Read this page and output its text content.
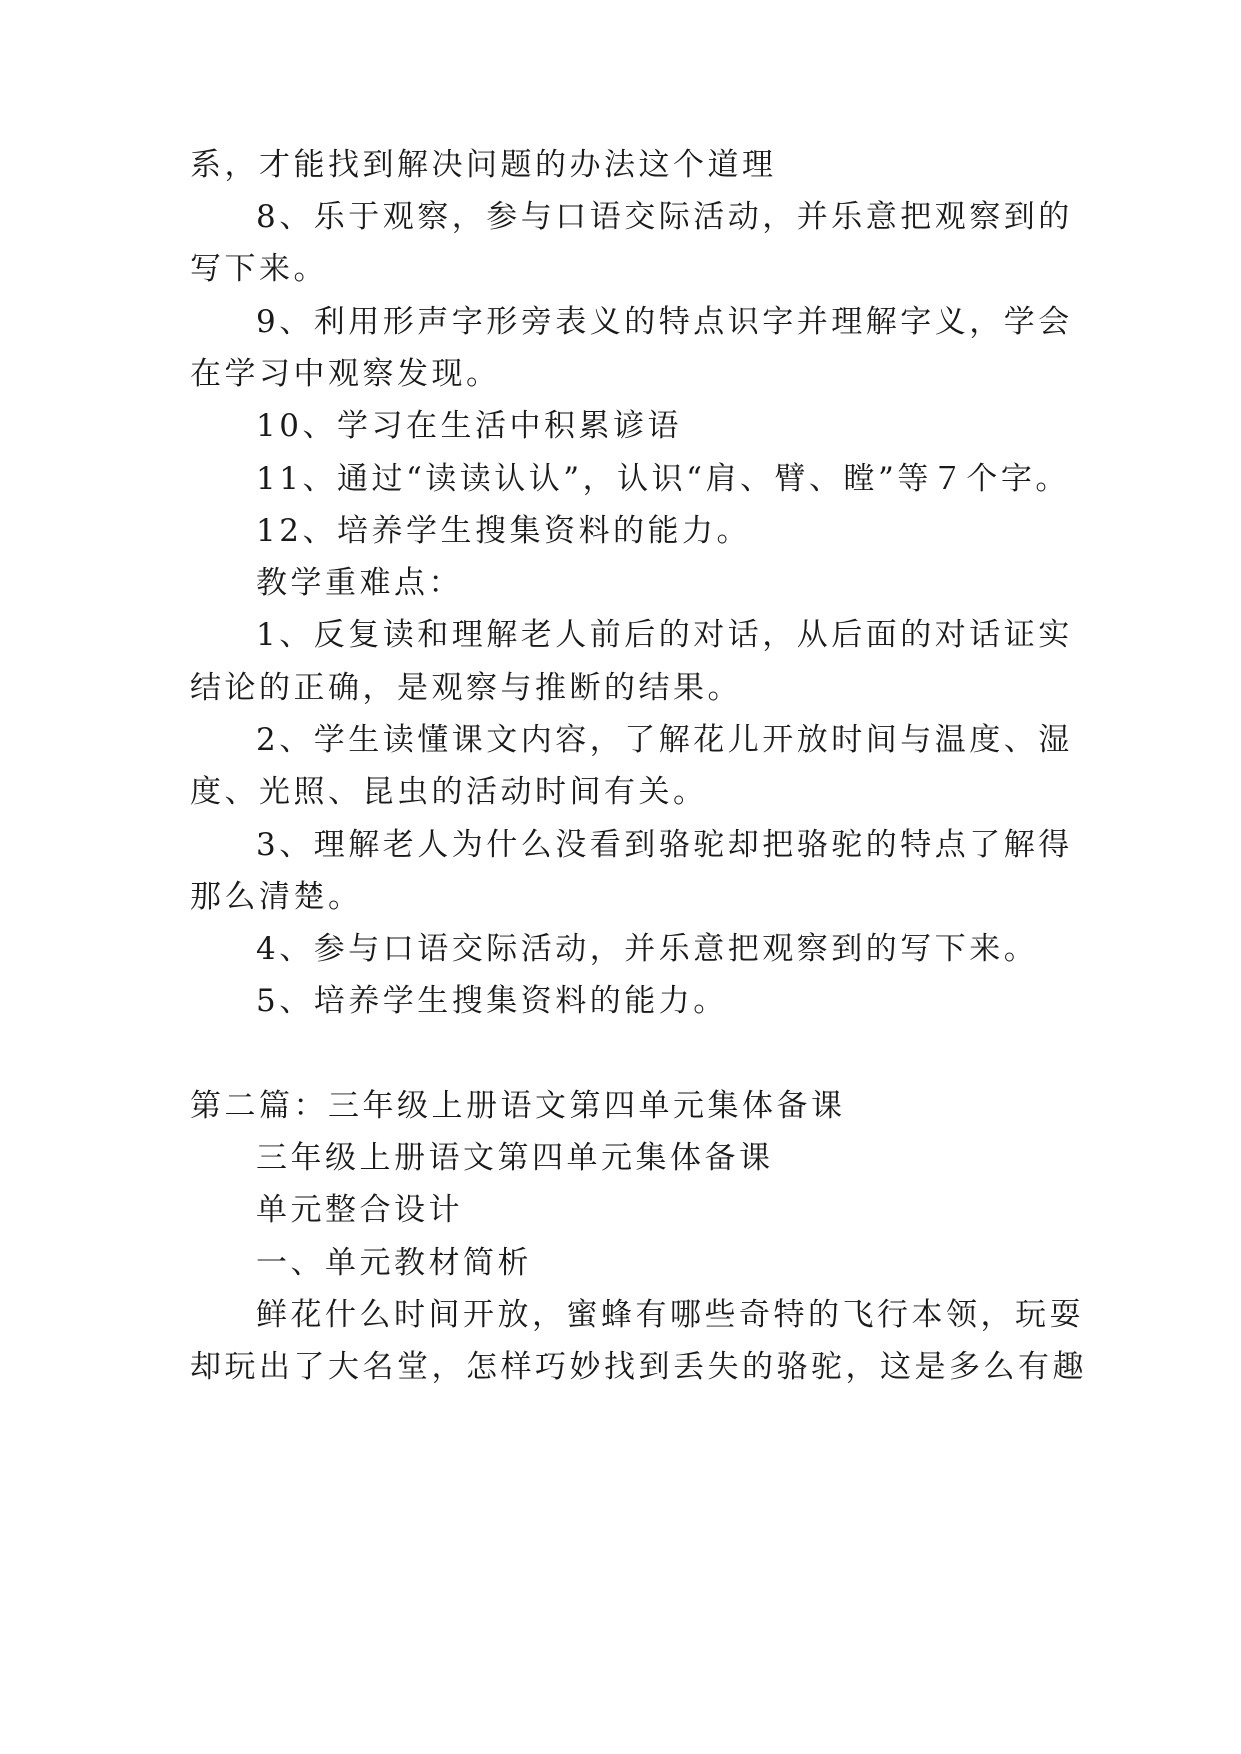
系，才能找到解决问题的办法这个道理
8、乐于观察，参与口语交际活动，并乐意把观察到的
写下来。
9、利用形声字形旁表义的特点识字并理解字义，学会
在学习中观察发现。
10、学习在生活中积累谚语
11、通过“读读认认”，认识“肩、臂、瞠”等７个字。
12、培养学生搜集资料的能力。
教学重难点：
1、反复读和理解老人前后的对话，从后面的对话证实
结论的正确，是观察与推断的结果。
2、学生读懂课文内容，了解花儿开放时间与温度、湿
度、光照、昆虫的活动时间有关。
3、理解老人为什么没看到骆驼却把骆驼的特点了解得
那么清楚。
4、参与口语交际活动，并乐意把观察到的写下来。
5、培养学生搜集资料的能力。
第二篇：三年级上册语文第四单元集体备课
三年级上册语文第四单元集体备课
单元整合设计
一、单元教材简析
鲜花什么时间开放，蜜蜂有哪些奇特的飞行本领，玩耍
却玩出了大名堂，怎样巧妙找到丢失的骆驼，这是多么有趣
